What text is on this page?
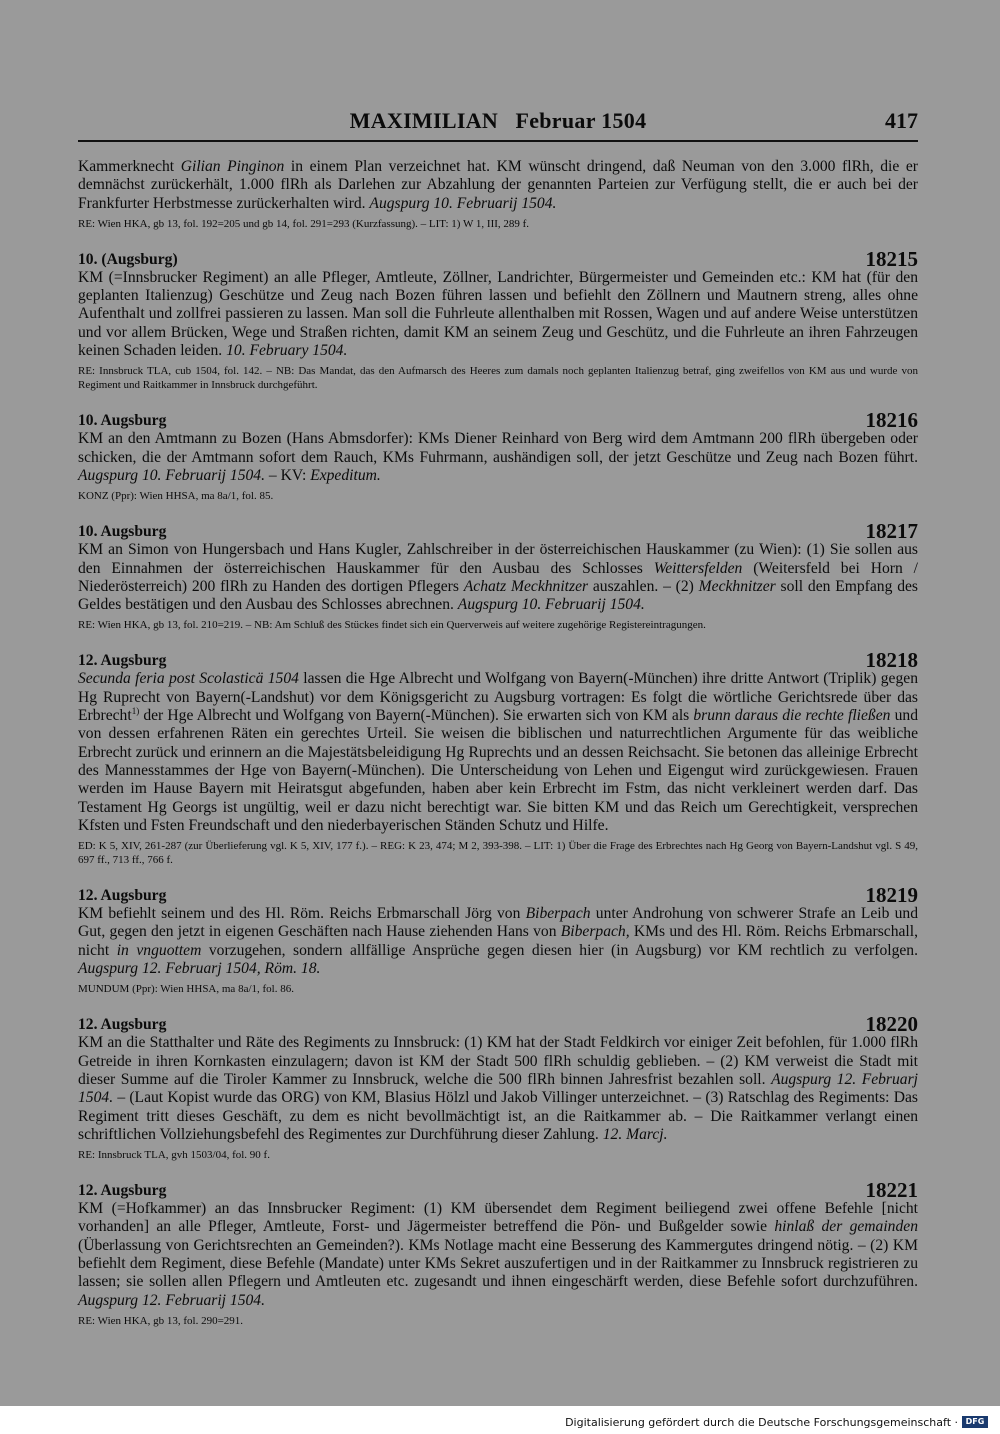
MAXIMILIAN   Februar 1504	417
Kammerknecht Gilian Pinginon in einem Plan verzeichnet hat. KM wünscht dringend, daß Neuman von den 3.000 flRh, die er demnächst zurückerhält, 1.000 flRh als Darlehen zur Abzahlung der genannten Parteien zur Verfügung stellt, die er auch bei der Frankfurter Herbstmesse zurückerhalten wird. Augspurg 10. Februarij 1504.
RE: Wien HKA, gb 13, fol. 192=205 und gb 14, fol. 291=293 (Kurzfassung). – LIT: 1) W 1, III, 289 f.
10. (Augsburg)	18215
KM (=Innsbrucker Regiment) an alle Pfleger, Amtleute, Zöllner, Landrichter, Bürgermeister und Gemeinden etc.: KM hat (für den geplanten Italienzug) Geschütze und Zeug nach Bozen führen lassen und befiehlt den Zöllnern und Mautnern streng, alles ohne Aufenthalt und zollfrei passieren zu lassen. Man soll die Fuhrleute allenthalben mit Rossen, Wagen und auf andere Weise unterstützen und vor allem Brücken, Wege und Straßen richten, damit KM an seinem Zeug und Geschütz, und die Fuhrleute an ihren Fahrzeugen keinen Schaden leiden. 10. February 1504.
RE: Innsbruck TLA, cub 1504, fol. 142. – NB: Das Mandat, das den Aufmarsch des Heeres zum damals noch geplanten Italienzug betraf, ging zweifellos von KM aus und wurde von Regiment und Raitkammer in Innsbruck durchgeführt.
10. Augsburg	18216
KM an den Amtmann zu Bozen (Hans Abmsdorfer): KMs Diener Reinhard von Berg wird dem Amtmann 200 flRh übergeben oder schicken, die der Amtmann sofort dem Rauch, KMs Fuhrmann, aushändigen soll, der jetzt Geschütze und Zeug nach Bozen führt. Augspurg 10. Februarij 1504. – KV: Expeditum.
KONZ (Ppr): Wien HHSA, ma 8a/1, fol. 85.
10. Augsburg	18217
KM an Simon von Hungersbach und Hans Kugler, Zahlschreiber in der österreichischen Hauskammer (zu Wien): (1) Sie sollen aus den Einnahmen der österreichischen Hauskammer für den Ausbau des Schlosses Weittersfelden (Weitersfeld bei Horn / Niederösterreich) 200 flRh zu Handen des dortigen Pflegers Achatz Meckhnitzer auszahlen. – (2) Meckhnitzer soll den Empfang des Geldes bestätigen und den Ausbau des Schlosses abrechnen. Augspurg 10. Februarij 1504.
RE: Wien HKA, gb 13, fol. 210=219. – NB: Am Schluß des Stückes findet sich ein Querverweis auf weitere zugehörige Registereintragungen.
12. Augsburg	18218
Secunda feria post Scolasticä 1504 lassen die Hge Albrecht und Wolfgang von Bayern(-München) ihre dritte Antwort (Triplik) gegen Hg Ruprecht von Bayern(-Landshut) vor dem Königsgericht zu Augsburg vortragen: Es folgt die wörtliche Gerichtsrede über das Erbrecht$^{1)}$ der Hge Albrecht und Wolfgang von Bayern(-München). Sie erwarten sich von KM als brunn daraus die rechte fließen und von dessen erfahrenen Räten ein gerechtes Urteil. Sie weisen die biblischen und naturrechtlichen Argumente für das weibliche Erbrecht zurück und erinnern an die Majestätsbeleidigung Hg Ruprechts und an dessen Reichsacht. Sie betonen das alleinige Erbrecht des Mannesstammes der Hge von Bayern(-München). Die Unterscheidung von Lehen und Eigengut wird zurückgewiesen. Frauen werden im Hause Bayern mit Heiratsgut abgefunden, haben aber kein Erbrecht im Fstm, das nicht verkleinert werden darf. Das Testament Hg Georgs ist ungültig, weil er dazu nicht berechtigt war. Sie bitten KM und das Reich um Gerechtigkeit, versprechen Kfsten und Fsten Freundschaft und den niederbayerischen Ständen Schutz und Hilfe.
ED: K 5, XIV, 261-287 (zur Überlieferung vgl. K 5, XIV, 177 f.). – REG: K 23, 474; M 2, 393-398. – LIT: 1) Über die Frage des Erbrechtes nach Hg Georg von Bayern-Landshut vgl. S 49, 697 ff., 713 ff., 766 f.
12. Augsburg	18219
KM befiehlt seinem und des Hl. Röm. Reichs Erbmarschall Jörg von Biberpach unter Androhung von schwerer Strafe an Leib und Gut, gegen den jetzt in eigenen Geschäften nach Hause ziehenden Hans von Biberpach, KMs und des Hl. Röm. Reichs Erbmarschall, nicht in vnguottem vorzugehen, sondern allfällige Ansprüche gegen diesen hier (in Augsburg) vor KM rechtlich zu verfolgen. Augspurg 12. Februarj 1504, Röm. 18.
MUNDUM (Ppr): Wien HHSA, ma 8a/1, fol. 86.
12. Augsburg	18220
KM an die Statthalter und Räte des Regiments zu Innsbruck: (1) KM hat der Stadt Feldkirch vor einiger Zeit befohlen, für 1.000 flRh Getreide in ihren Kornkasten einzulagern; davon ist KM der Stadt 500 flRh schuldig geblieben. – (2) KM verweist die Stadt mit dieser Summe auf die Tiroler Kammer zu Innsbruck, welche die 500 flRh binnen Jahresfrist bezahlen soll. Augspurg 12. Februarj 1504. – (Laut Kopist wurde das ORG) von KM, Blasius Hölzl und Jakob Villinger unterzeichnet. – (3) Ratschlag des Regiments: Das Regiment tritt dieses Geschäft, zu dem es nicht bevollmächtigt ist, an die Raitkammer ab. – Die Raitkammer verlangt einen schriftlichen Vollziehungsbefehl des Regimentes zur Durchführung dieser Zahlung. 12. Marcj.
RE: Innsbruck TLA, gvh 1503/04, fol. 90 f.
12. Augsburg	18221
KM (=Hofkammer) an das Innsbrucker Regiment: (1) KM übersendet dem Regiment beiliegend zwei offene Befehle [nicht vorhanden] an alle Pfleger, Amtleute, Forst- und Jägermeister betreffend die Pön- und Bußgelder sowie hinlaß der gemainden (Überlassung von Gerichtsrechten an Gemeinden?). KMs Notlage macht eine Besserung des Kammergutes dringend nötig. – (2) KM befiehlt dem Regiment, diese Befehle (Mandate) unter KMs Sekret auszufertigen und in der Raitkammer zu Innsbruck registrieren zu lassen; sie sollen allen Pflegern und Amtleuten etc. zugesandt und ihnen eingeschärft werden, diese Befehle sofort durchzuführen. Augspurg 12. Februarij 1504.
RE: Wien HKA, gb 13, fol. 290=291.
Digitalisierung gefördert durch die Deutsche Forschungsgemeinschaft · DFG
